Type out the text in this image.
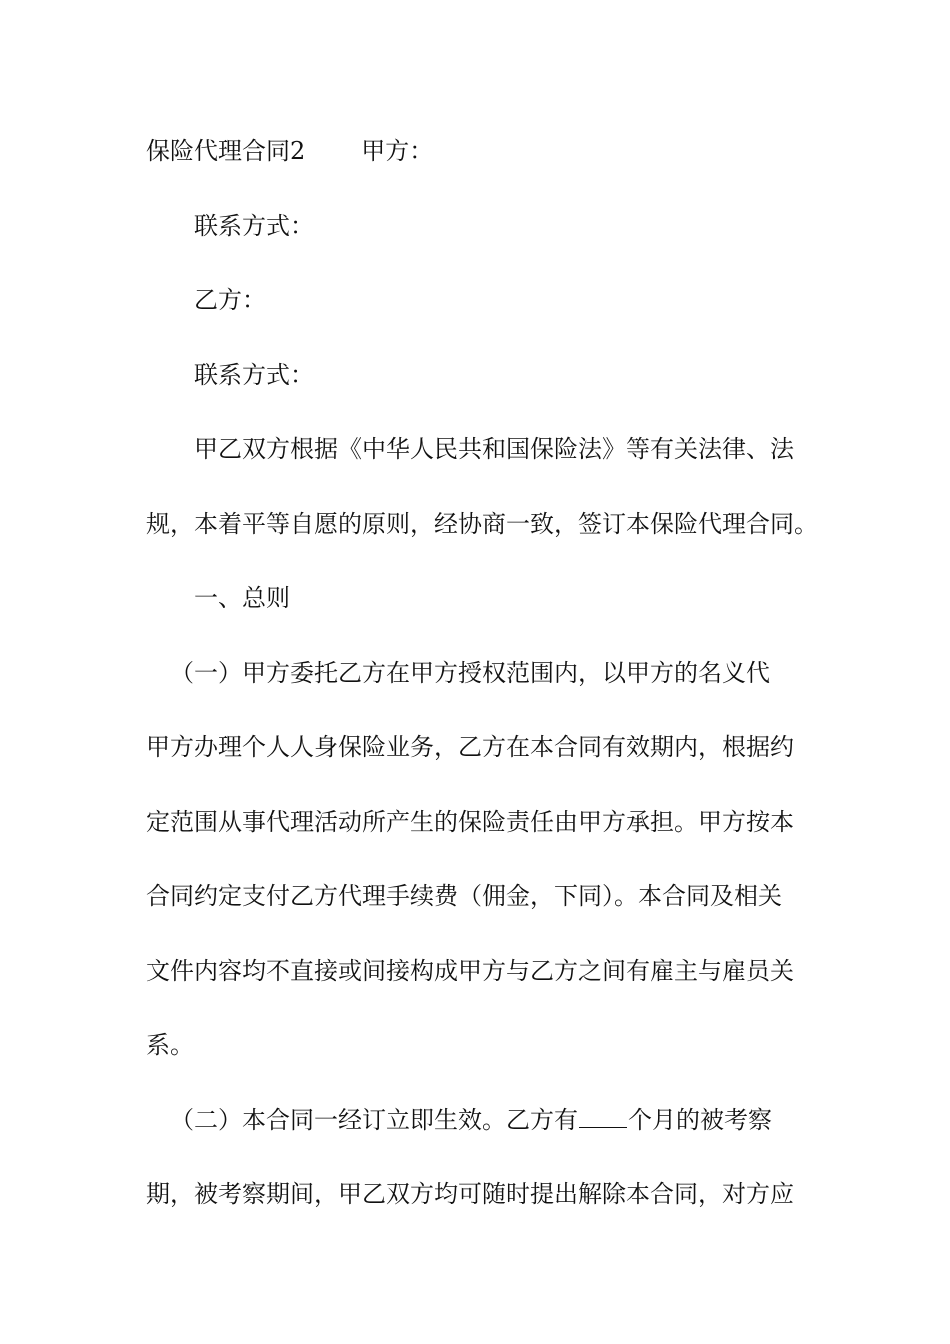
保险代理合同2 甲方：
联系方式：
乙方：
联系方式：
甲乙双方根据《中华人民共和国保险法》等有关法律、法
规，本着平等自愿的原则，经协商一致，签订本保险代理合同。
一、总则
（一）甲方委托乙方在甲方授权范围内，以甲方的名义代
甲方办理个人人身保险业务，乙方在本合同有效期内，根据约
定范围从事代理活动所产生的保险责任由甲方承担。甲方按本
合同约定支付乙方代理手续费（佣金，下同）。本合同及相关
文件内容均不直接或间接构成甲方与乙方之间有雇主与雇员关
系。
（二）本合同一经订立即生效。乙方有 个月的被考察
期，被考察期间，甲乙双方均可随时提出解除本合同，对方应
